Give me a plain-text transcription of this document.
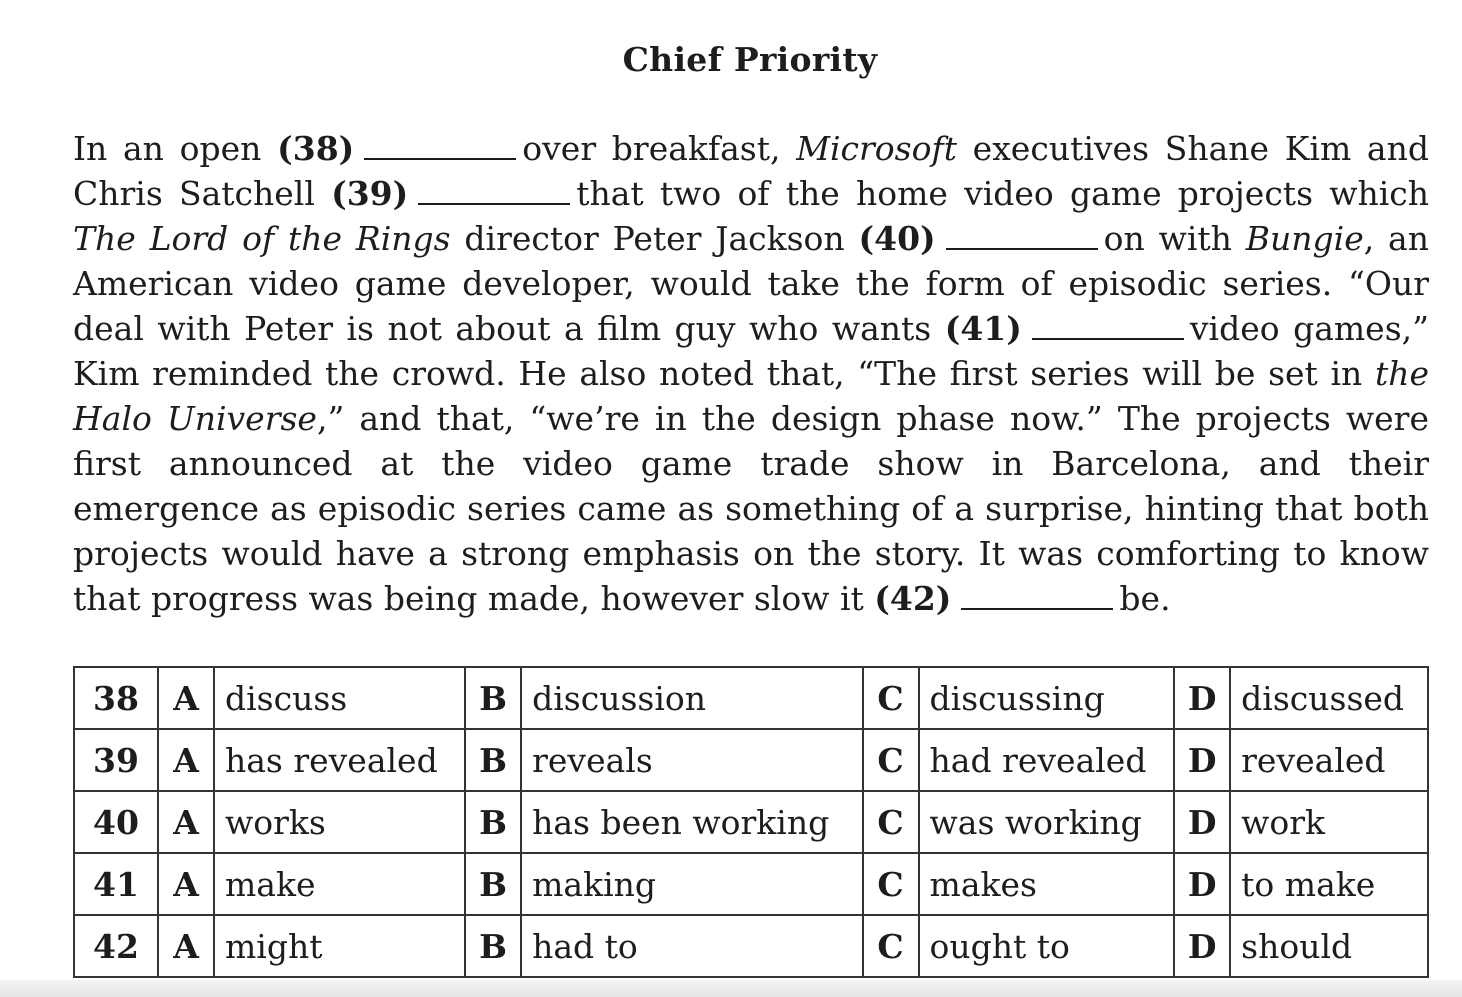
Chief Priority
In an open (38)	over breakfast, Microsoft executives Shane Kim and Chris Satchell (39)	that two of the home video game projects which The Lord of the Rings director Peter Jackson (40)	on with Bungie, an American video game developer, would take the form of episodic series. “Our deal with Peter is not about a film guy who wants (41)	video games,” Kim reminded the crowd. He also noted that, “The first series will be set in the Halo Universe,” and that, “we’re in the design phase now.” The projects were first announced at the video game trade show in Barcelona, and their emergence as episodic series came as something of a surprise, hinting that both projects would have a strong emphasis on the story. It was comforting to know that progress was being made, however slow it (42)	be.
38	A	discuss	B	discussion	C	discussing	D	discussed
39	A	has revealed	B	reveals	C	had revealed	D	revealed
40	A	works	B	has been working	C	was working	D	work
41	A	make	B	making	C	makes	D	to make
42	A	might	B	had to	C	ought to	D	should
